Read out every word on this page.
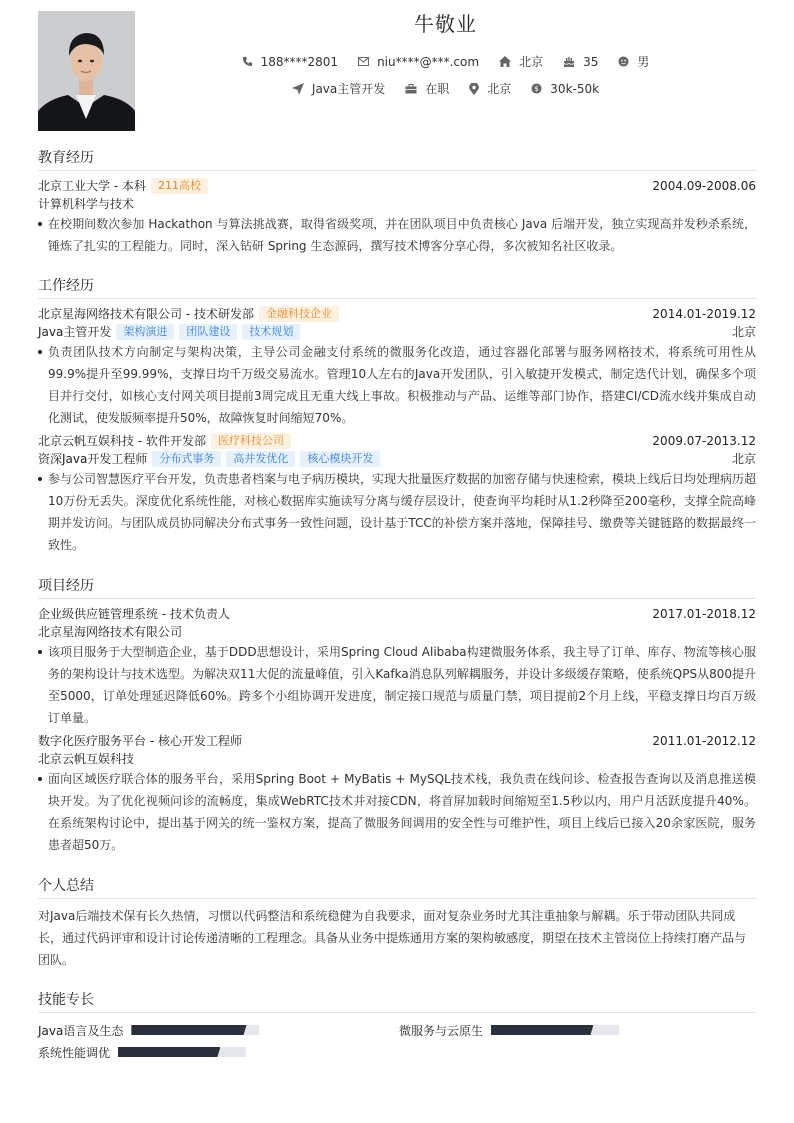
牛敬业
188****2801	niu****@***.com	北京	35	男
Java主管开发	在职	北京	$ 30k-50k
教育经历
北京工业大学 - 本科	211高校	2004.09-2008.06
计算机科学与技术
在校期间数次参加 Hackathon 与算法挑战赛，取得省级奖项，并在团队项目中负责核心 Java 后端开发，独立实现高并发秒杀系统，锤炼了扎实的工程能力。同时，深入钻研 Spring 生态源码，撰写技术博客分享心得，多次被知名社区收录。
工作经历
北京星海网络技术有限公司 - 技术研发部	金融科技企业	2014.01-2019.12
Java主管开发	架构演进	团队建设	技术规划	北京
负责团队技术方向制定与架构决策，主导公司金融支付系统的微服务化改造，通过容器化部署与服务网格技术，将系统可用性从99.9%提升至99.99%，支撑日均千万级交易流水。管理10人左右的Java开发团队，引入敏捷开发模式，制定迭代计划，确保多个项目并行交付，如核心支付网关项目提前3周完成且无重大线上事故。积极推动与产品、运维等部门协作，搭建CI/CD流水线并集成自动化测试，使发版频率提升50%，故障恢复时间缩短70%。
北京云帆互娱科技 - 软件开发部	医疗科技公司	2009.07-2013.12
资深Java开发工程师	分布式事务	高并发优化	核心模块开发	北京
参与公司智慧医疗平台开发，负责患者档案与电子病历模块，实现大批量医疗数据的加密存储与快速检索，模块上线后日均处理病历超10万份无丢失。深度优化系统性能，对核心数据库实施读写分离与缓存层设计，使查询平均耗时从1.2秒降至200毫秒，支撑全院高峰期并发访问。与团队成员协同解决分布式事务一致性问题，设计基于TCC的补偿方案并落地，保障挂号、缴费等关键链路的数据最终一致性。
项目经历
企业级供应链管理系统 - 技术负责人	2017.01-2018.12
北京星海网络技术有限公司
该项目服务于大型制造企业，基于DDD思想设计，采用Spring Cloud Alibaba构建微服务体系，我主导了订单、库存、物流等核心服务的架构设计与技术选型。为解决双11大促的流量峰值，引入Kafka消息队列解耦服务，并设计多级缓存策略，使系统QPS从800提升至5000，订单处理延迟降低60%。跨多个小组协调开发进度，制定接口规范与质量门禁，项目提前2个月上线，平稳支撑日均百万级订单量。
数字化医疗服务平台 - 核心开发工程师	2011.01-2012.12
北京云帆互娱科技
面向区域医疗联合体的服务平台，采用Spring Boot + MyBatis + MySQL技术栈，我负责在线问诊、检查报告查询以及消息推送模块开发。为了优化视频问诊的流畅度，集成WebRTC技术并对接CDN，将首屏加载时间缩短至1.5秒以内，用户月活跃度提升40%。在系统架构讨论中，提出基于网关的统一鉴权方案，提高了微服务间调用的安全性与可维护性，项目上线后已接入20余家医院，服务患者超50万。
个人总结
对Java后端技术保有长久热情，习惯以代码整洁和系统稳健为自我要求，面对复杂业务时尤其注重抽象与解耦。乐于带动团队共同成长，通过代码评审和设计讨论传递清晰的工程理念。具备从业务中提炼通用方案的架构敏感度，期望在技术主管岗位上持续打磨产品与团队。
技能专长
Java语言及生态	微服务与云原生
系统性能调优
